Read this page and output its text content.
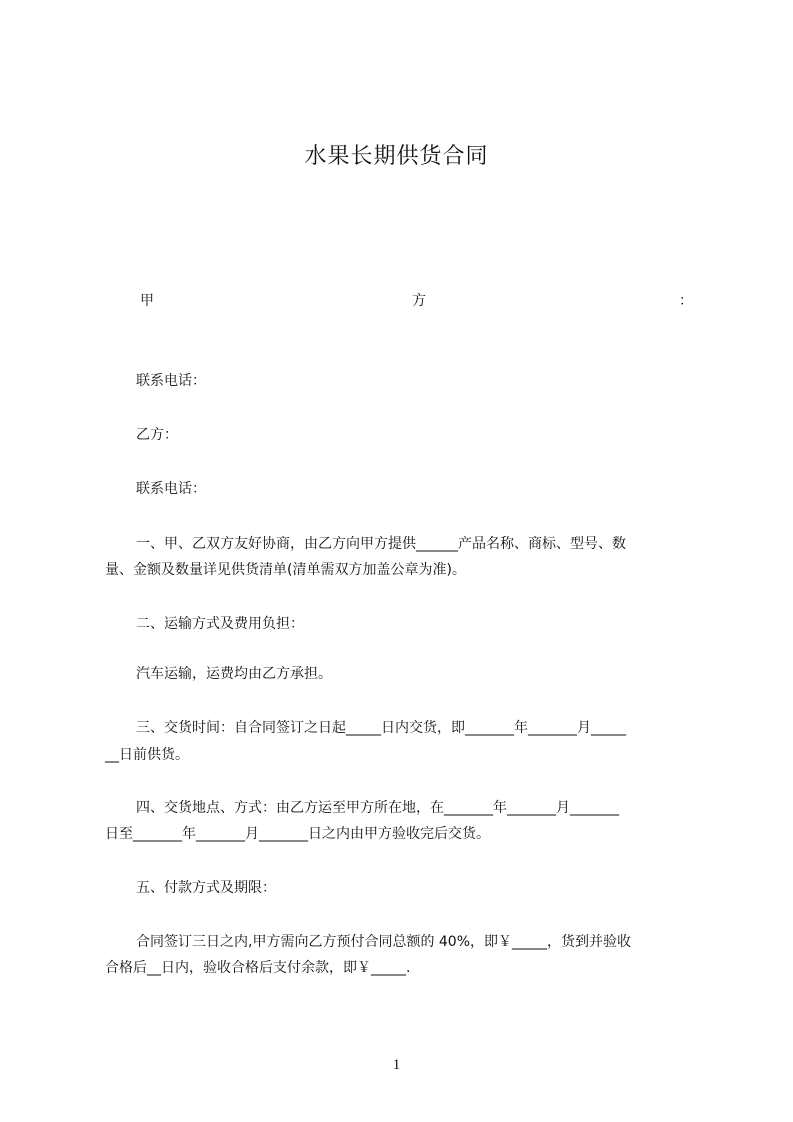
水果长期供货合同
甲	方	：
联系电话：
乙方：
联系电话：
一、甲、乙双方友好协商，由乙方向甲方提供______产品名称、商标、型号、数
量、金额及数量详见供货清单(清单需双方加盖公章为准)。
二、运输方式及费用负担：
汽车运输，运费均由乙方承担。
三、交货时间：自合同签订之日起_____日内交货，即_______年_______月_____
__日前供货。
四、交货地点、方式：由乙方运至甲方所在地，在_______年_______月_______
日至_______年_______月_______日之内由甲方验收完后交货。
五、付款方式及期限：
合同签订三日之内,甲方需向乙方预付合同总额的 40%，即￥_____，货到并验收
合格后__日内，验收合格后支付余款，即￥_____.
1
